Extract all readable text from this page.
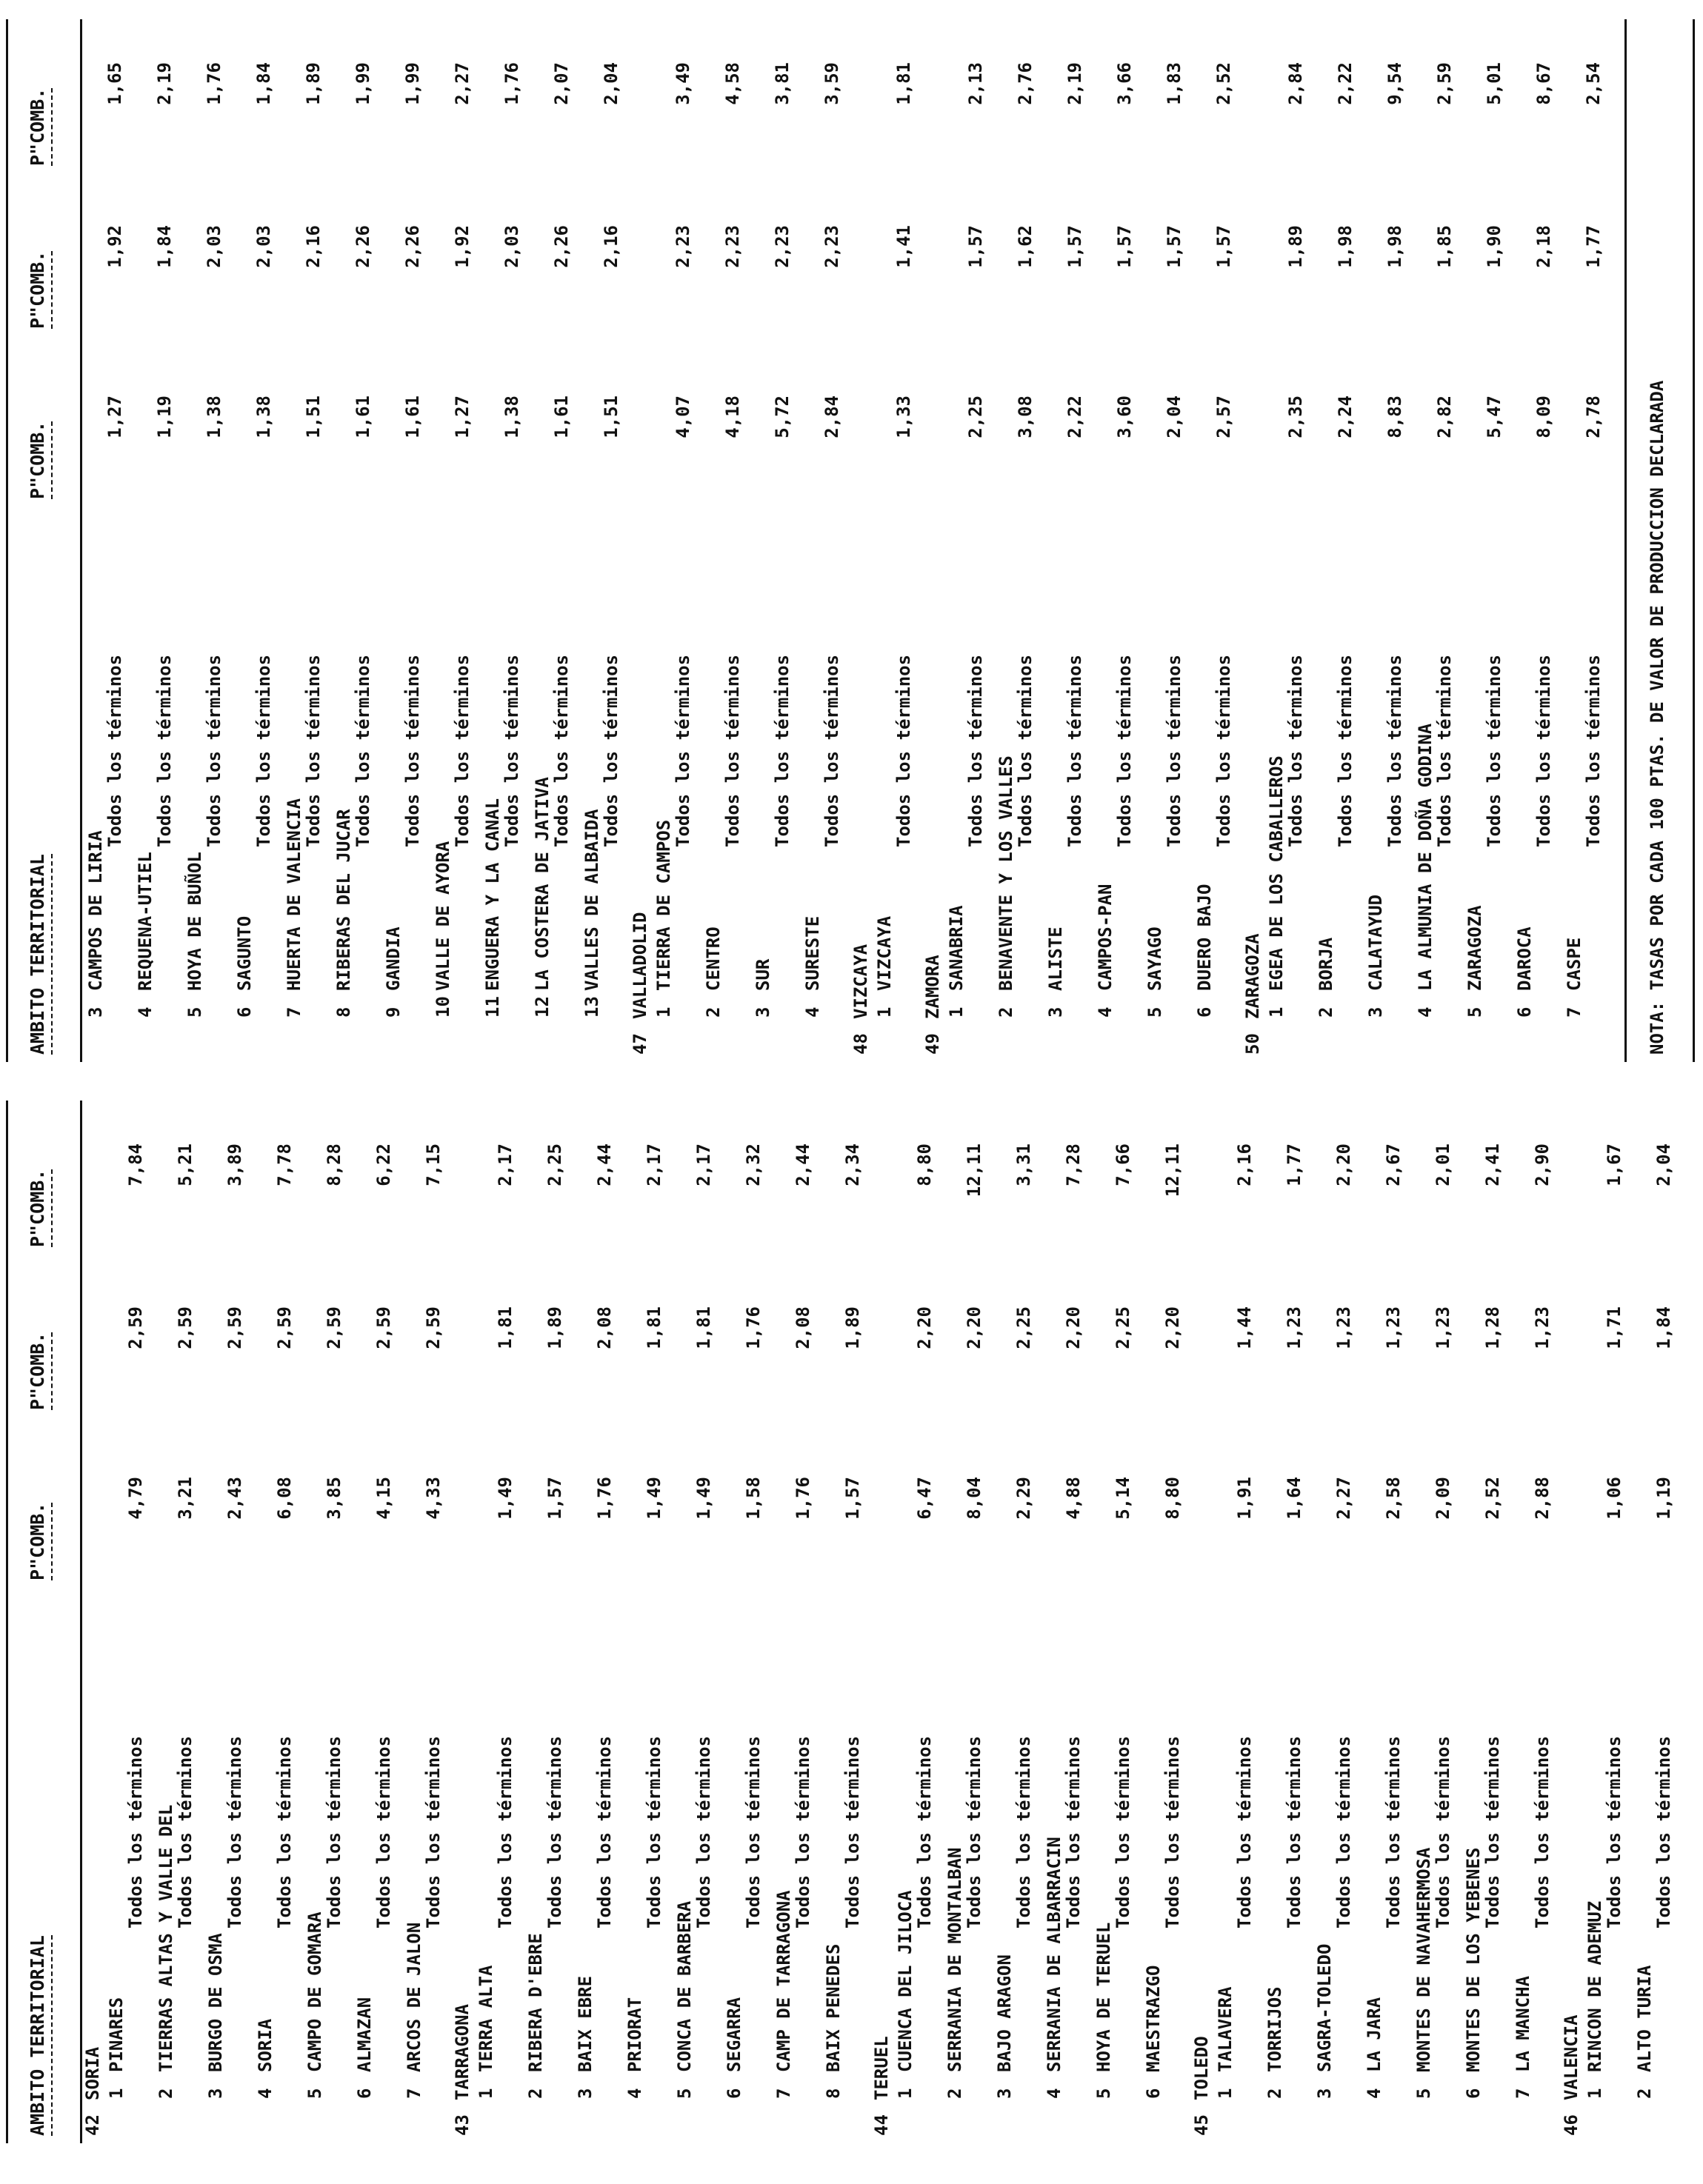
AMBITO TERRITORIAL
P"COMB.
P"COMB.
P"COMB.
42SORIA 1PINARES
Todos los términos
4,79
2,59
7,84
2TIERRAS ALTAS Y VALLE DEL
Todos los términos
3,21
2,59
5,21
3BURGO DE OSMA
Todos los términos
2,43
2,59
3,89
4SORIA
Todos los términos
6,08
2,59
7,78
5CAMPO DE GOMARA
Todos los términos
3,85
2,59
8,28
6ALMAZAN
Todos los términos
4,15
2,59
6,22
7ARCOS DE JALON
Todos los términos
4,33
2,59
7,15
43TARRAGONA 1TERRA ALTA
Todos los términos
1,49
1,81
2,17
2RIBERA D'EBRE
Todos los términos
1,57
1,89
2,25
3BAIX EBRE
Todos los términos
1,76
2,08
2,44
4PRIORAT
Todos los términos
1,49
1,81
2,17
5CONCA DE BARBERA
Todos los términos
1,49
1,81
2,17
6SEGARRA
Todos los términos
1,58
1,76
2,32
7CAMP DE TARRAGONA
Todos los términos
1,76
2,08
2,44
8BAIX PENEDES
Todos los términos
1,57
1,89
2,34
44TERUEL 1CUENCA DEL JILOCA
Todos los términos
6,47
2,20
8,80
2SERRANIA DE MONTALBAN
Todos los términos
8,04
2,20
12,11
3BAJO ARAGON
Todos los términos
2,29
2,25
3,31
4SERRANIA DE ALBARRACIN
Todos los términos
4,88
2,20
7,28
5HOYA DE TERUEL
Todos los términos
5,14
2,25
7,66
6MAESTRAZGO
Todos los términos
8,80
2,20
12,11
45TOLEDO 1TALAVERA
Todos los términos
1,91
1,44
2,16
2TORRIJOS
Todos los términos
1,64
1,23
1,77
3SAGRA-TOLEDO
Todos los términos
2,27
1,23
2,20
4LA JARA
Todos los términos
2,58
1,23
2,67
5MONTES DE NAVAHERMOSA
Todos los términos
2,09
1,23
2,01
6MONTES DE LOS YEBENES
Todos los términos
2,52
1,28
2,41
7LA MANCHA
Todos los términos
2,88
1,23
2,90
46VALENCIA 1RINCON DE ADEMUZ
Todos los términos
1,06
1,71
1,67
2ALTO TURIA
Todos los términos
1,19
1,84
2,04
AMBITO TERRITORIAL
P"COMB.
P"COMB.
P"COMB.
3CAMPOS DE LIRIA
Todos los términos
1,27
1,92
1,65
4REQUENA-UTIEL
Todos los términos
1,19
1,84
2,19
5HOYA DE BUÑOL
Todos los términos
1,38
2,03
1,76
6SAGUNTO
Todos los términos
1,38
2,03
1,84
7HUERTA DE VALENCIA
Todos los términos
1,51
2,16
1,89
8RIBERAS DEL JUCAR
Todos los términos
1,61
2,26
1,99
9GANDIA
Todos los términos
1,61
2,26
1,99
10VALLE DE AYORA
Todos los términos
1,27
1,92
2,27
11ENGUERA Y LA CANAL
Todos los términos
1,38
2,03
1,76
12LA COSTERA DE JATIVA
Todos los términos
1,61
2,26
2,07
13VALLES DE ALBAIDA
Todos los términos
1,51
2,16
2,04
47VALLADOLID 1TIERRA DE CAMPOS
Todos los términos
4,07
2,23
3,49
2CENTRO
Todos los términos
4,18
2,23
4,58
3SUR
Todos los términos
5,72
2,23
3,81
4SURESTE
Todos los términos
2,84
2,23
3,59
48VIZCAYA 1VIZCAYA
Todos los términos
1,33
1,41
1,81
49ZAMORA 1SANABRIA
Todos los términos
2,25
1,57
2,13
2BENAVENTE Y LOS VALLES
Todos los términos
3,08
1,62
2,76
3ALISTE
Todos los términos
2,22
1,57
2,19
4CAMPOS-PAN
Todos los términos
3,60
1,57
3,66
5SAYAGO
Todos los términos
2,04
1,57
1,83
6DUERO BAJO
Todos los términos
2,57
1,57
2,52
50ZARAGOZA 1EGEA DE LOS CABALLEROS
Todos los términos
2,35
1,89
2,84
2BORJA
Todos los términos
2,24
1,98
2,22
3CALATAYUD
Todos los términos
8,83
1,98
9,54
4LA ALMUNIA DE DOÑA GODINA
Todos los términos
2,82
1,85
2,59
5ZARAGOZA
Todos los términos
5,47
1,90
5,01
6DAROCA
Todos los términos
8,09
2,18
8,67
7CASPE
Todos los términos
2,78
1,77
2,54
NOTA: TASAS POR CADA 100 PTAS. DE VALOR DE PRODUCCION DECLARADA
